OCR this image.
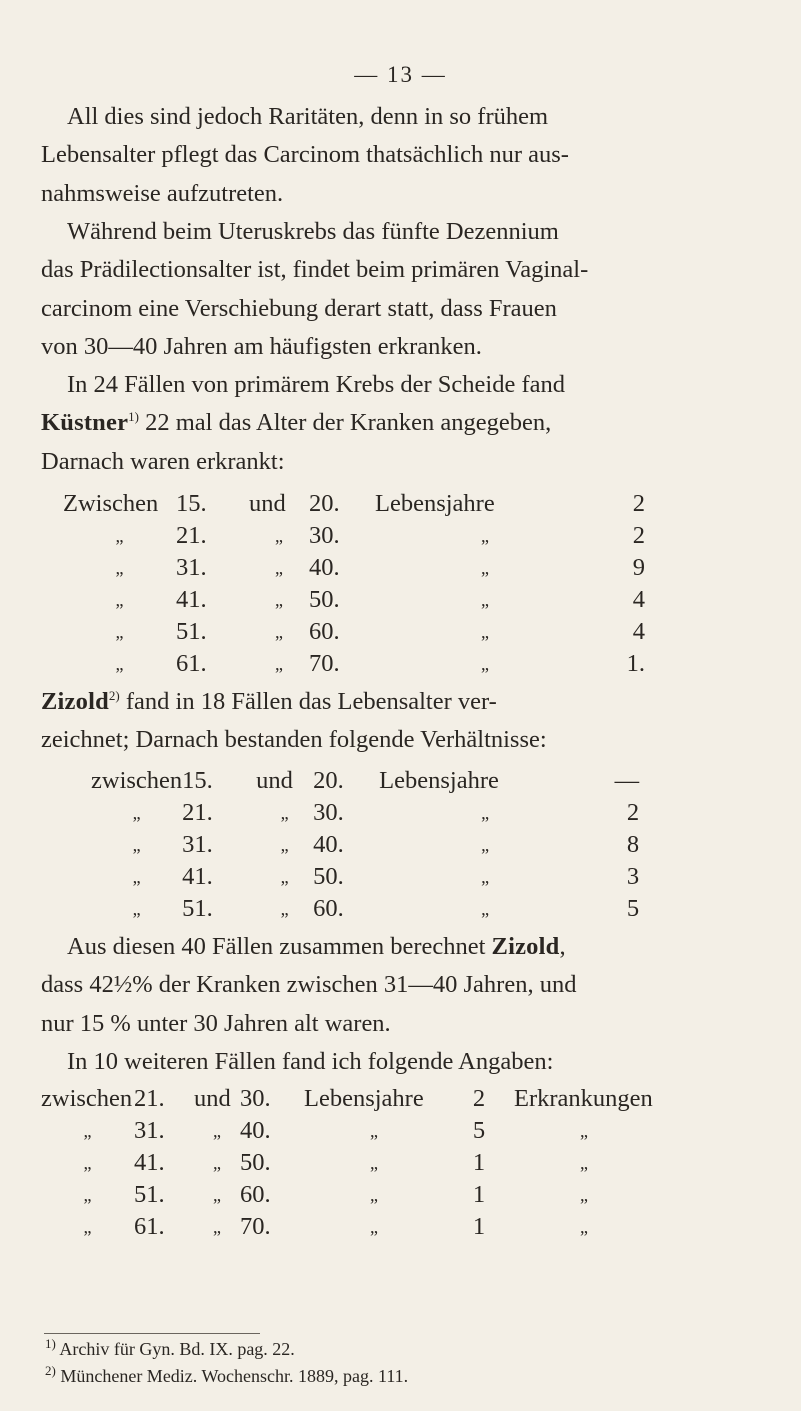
— 13 —
All dies sind jedoch Raritäten, denn in so frühem
Lebensalter pflegt das Carcinom thatsächlich nur aus-
nahmsweise aufzutreten.
Während beim Uteruskrebs das fünfte Dezennium
das Prädilectionsalter ist, findet beim primären Vaginal-
carcinom eine Verschiebung derart statt, dass Frauen
von 30—40 Jahren am häufigsten erkranken.
In 24 Fällen von primärem Krebs der Scheide fand
Küstner$^{1)}$ 22 mal das Alter der Kranken angegeben,
Darnach waren erkrankt:
Zwischen	15.	und	20.	Lebensjahre	2
„	21.	„	30.	„	2
„	31.	„	40.	„	9
„	41.	„	50.	„	4
„	51.	„	60.	„	4
„	61.	„	70.	„	1.
Zizold$^{2)}$ fand in 18 Fällen das Lebensalter ver-
zeichnet; Darnach bestanden folgende Verhältnisse:
zwischen	15.	und	20.	Lebensjahre	—
„	21.	„	30.	„	2
„	31.	„	40.	„	8
„	41.	„	50.	„	3
„	51.	„	60.	„	5
Aus diesen 40 Fällen zusammen berechnet Zizold,
dass 42½% der Kranken zwischen 31—40 Jahren, und
nur 15 % unter 30 Jahren alt waren.
In 10 weiteren Fällen fand ich folgende Angaben:
zwischen	21.	und	30.	Lebensjahre	2	Erkrankungen
„	31.	„	40.	„	5	„
„	41.	„	50.	„	1	„
„	51.	„	60.	„	1	„
„	61.	„	70.	„	1	„
$^{1)}$ Archiv für Gyn. Bd. IX. pag. 22.
$^{2)}$ Münchener Mediz. Wochenschr. 1889, pag. 111.
